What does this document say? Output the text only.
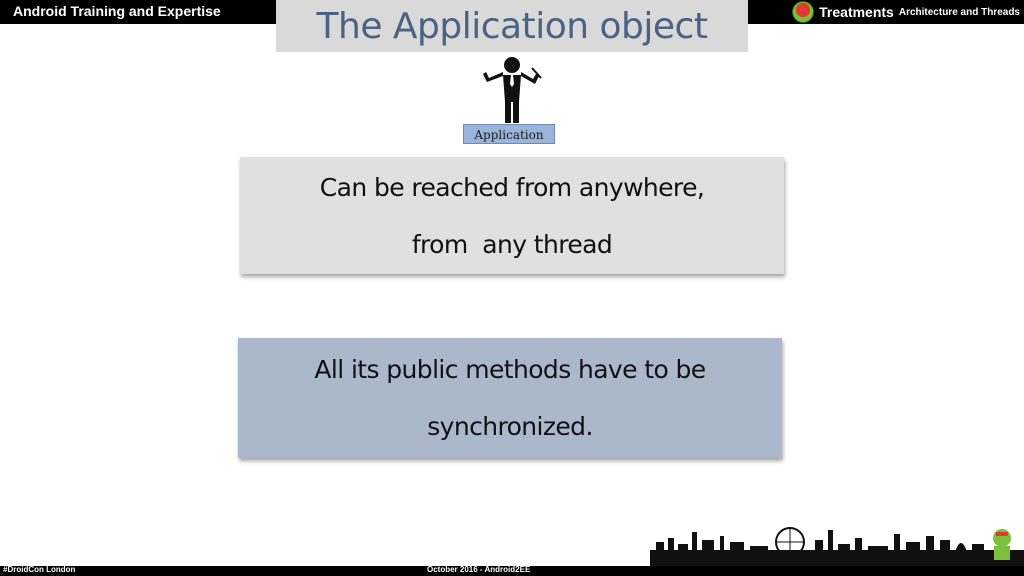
Android Training and Expertise	Treatments Architecture and Threads
The Application object
Application
Can be reached from anywhere,
from  any thread
All its public methods have to be
synchronized.
#DroidCon London	October 2016 - Android2EE
